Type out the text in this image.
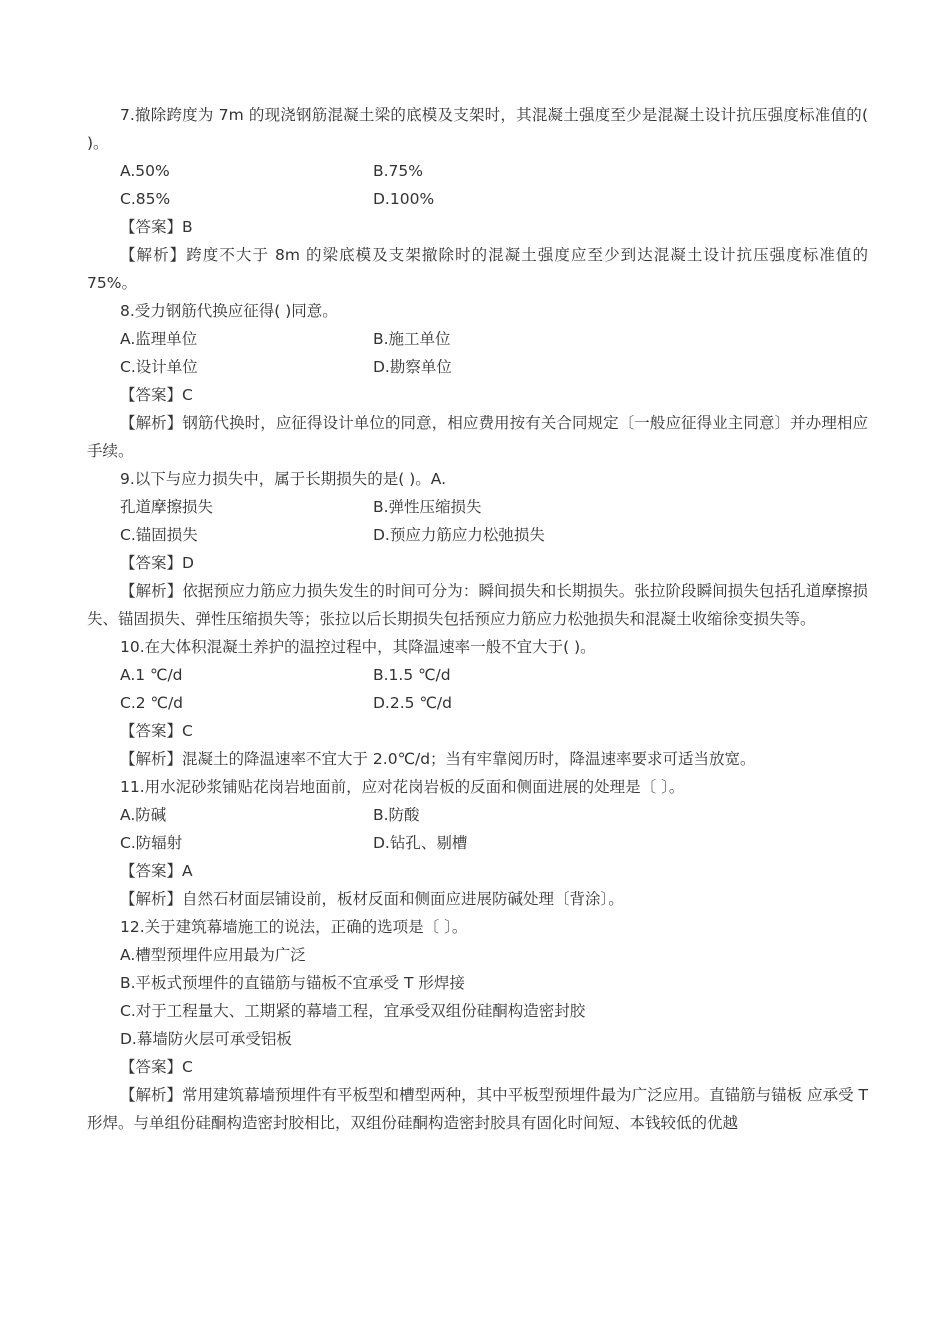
7.撤除跨度为 7m 的现浇钢筋混凝土梁的底模及支架时，其混凝土强度至少是混凝土设计抗压强度标准值的( )。
A.50%	B.75%
C.85%	D.100%
【答案】B
【解析】跨度不大于 8m 的梁底模及支架撤除时的混凝土强度应至少到达混凝土设计抗压强度标准值的 75%。
8.受力钢筋代换应征得( )同意。
A.监理单位	B.施工单位
C.设计单位	D.勘察单位
【答案】C
【解析】钢筋代换时，应征得设计单位的同意，相应费用按有关合同规定〔一般应征得业主同意〕并办理相应手续。
9.以下与应力损失中，属于长期损失的是( )。A.
孔道摩擦损失	B.弹性压缩损失
C.锚固损失	D.预应力筋应力松弛损失
【答案】D
【解析】依据预应力筋应力损失发生的时间可分为：瞬间损失和长期损失。张拉阶段瞬间损失包括孔道摩擦损失、锚固损失、弹性压缩损失等；张拉以后长期损失包括预应力筋应力松弛损失和混凝土收缩徐变损失等。
10.在大体积混凝土养护的温控过程中，其降温速率一般不宜大于( )。
A.1 ℃/d	B.1.5 ℃/d
C.2 ℃/d	D.2.5 ℃/d
【答案】C
【解析】混凝土的降温速率不宜大于 2.0℃/d；当有牢靠阅历时，降温速率要求可适当放宽。
11.用水泥砂浆铺贴花岗岩地面前，应对花岗岩板的反面和侧面进展的处理是〔 〕。
A.防碱	B.防酸
C.防辐射	D.钻孔、剔槽
【答案】A
【解析】自然石材面层铺设前，板材反面和侧面应进展防碱处理〔背涂〕。
12.关于建筑幕墙施工的说法，正确的选项是〔 〕。
A.槽型预埋件应用最为广泛
B.平板式预埋件的直锚筋与锚板不宜承受 T 形焊接
C.对于工程量大、工期紧的幕墙工程，宜承受双组份硅酮构造密封胶
D.幕墙防火层可承受铝板
【答案】C
【解析】常用建筑幕墙预埋件有平板型和槽型两种，其中平板型预埋件最为广泛应用。直锚筋与锚板 应承受 T 形焊。与单组份硅酮构造密封胶相比，双组份硅酮构造密封胶具有固化时间短、本钱较低的优越
